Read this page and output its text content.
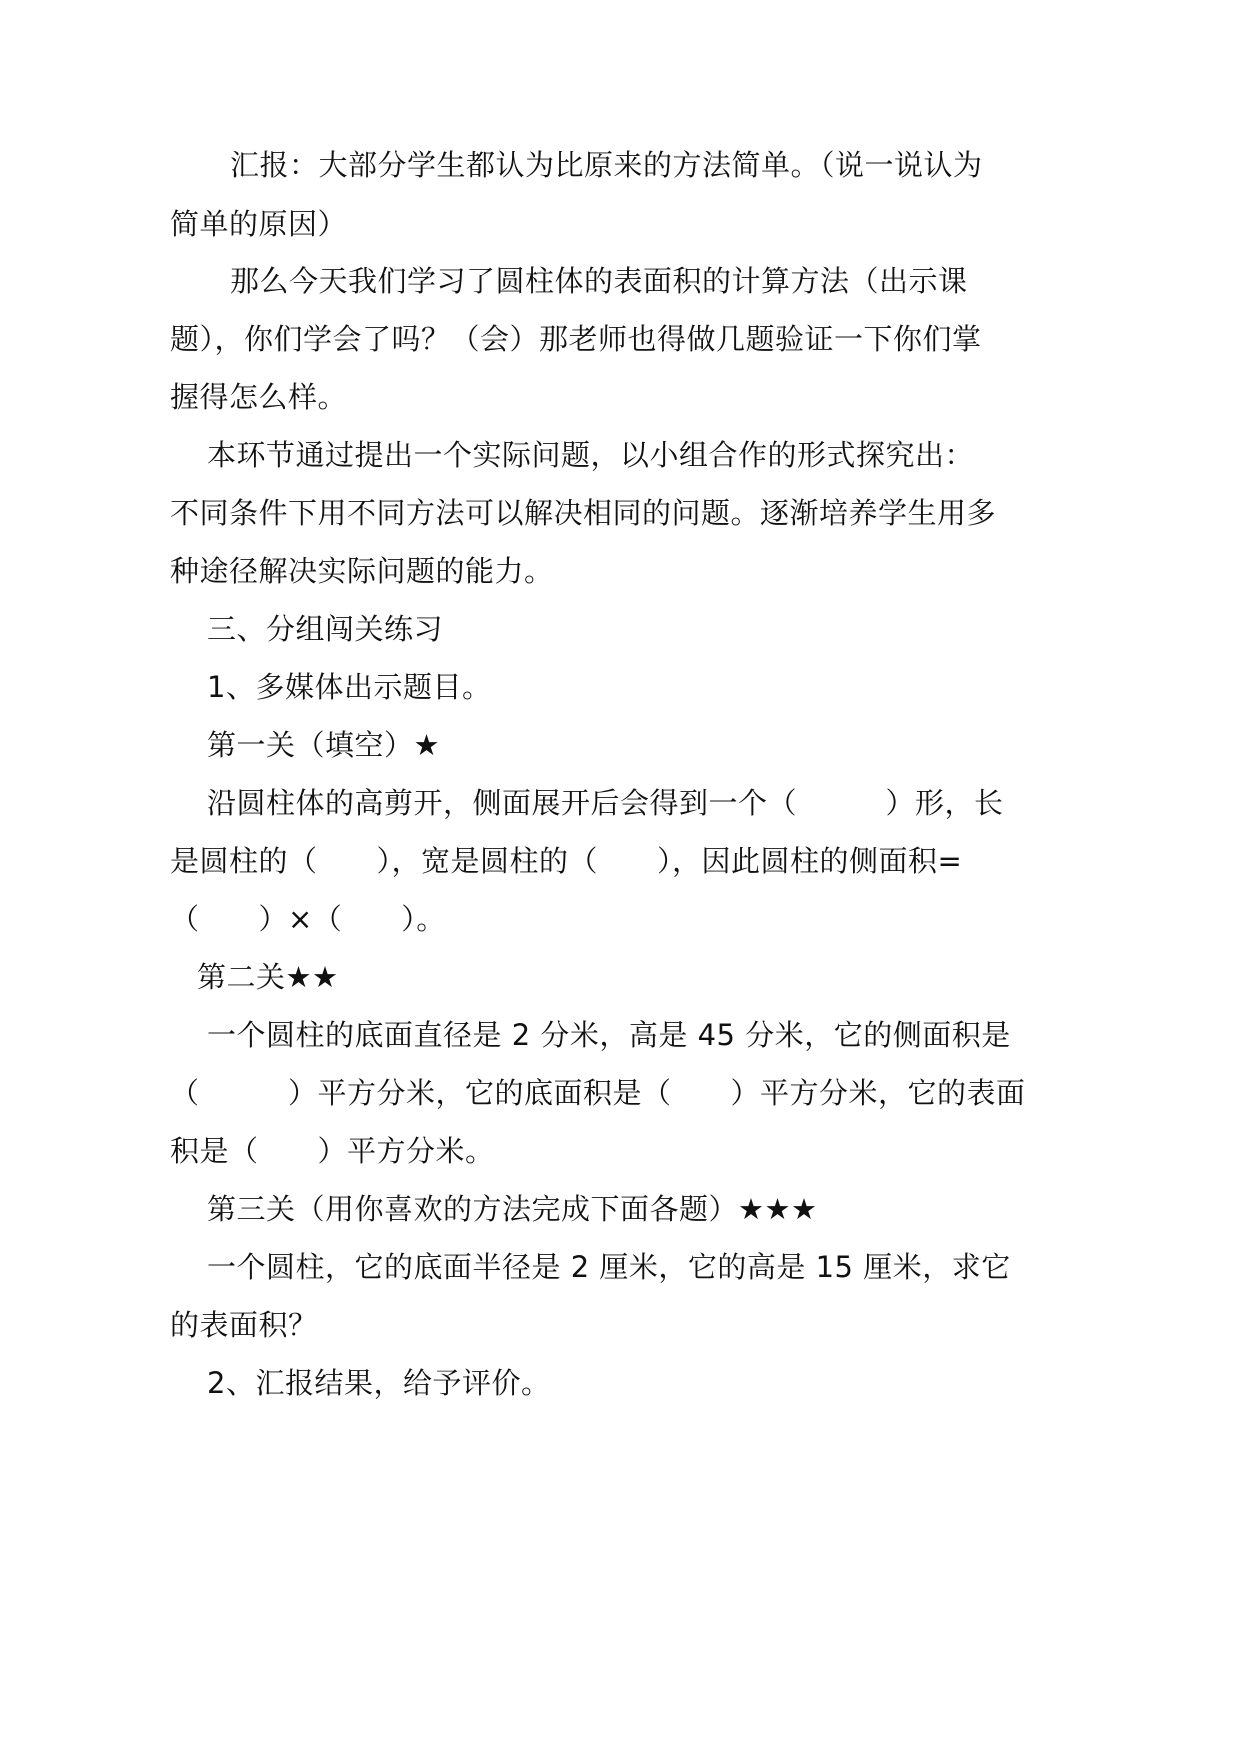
汇报：大部分学生都认为比原来的方法简单。（说一说认为

简单的原因）

那么今天我们学习了圆柱体的表面积的计算方法（出示课

题），你们学会了吗？（会）那老师也得做几题验证一下你们掌

握得怎么样。

本环节通过提出一个实际问题，以小组合作的形式探究出：

不同条件下用不同方法可以解决相同的问题。逐渐培养学生用多

种途径解决实际问题的能力。

三、分组闯关练习

1、多媒体出示题目。

第一关（填空）★

沿圆柱体的高剪开，侧面展开后会得到一个（　　　）形，长

是圆柱的（　　），宽是圆柱的（　　），因此圆柱的侧面积=

（　　）×（　　）。

第二关★★

一个圆柱的底面直径是 2 分米，高是 45 分米，它的侧面积是

（　　　）平方分米，它的底面积是（　　）平方分米，它的表面

积是（　　）平方分米。

第三关（用你喜欢的方法完成下面各题）★★★

一个圆柱，它的底面半径是 2 厘米，它的高是 15 厘米，求它

的表面积？

2、汇报结果，给予评价。
